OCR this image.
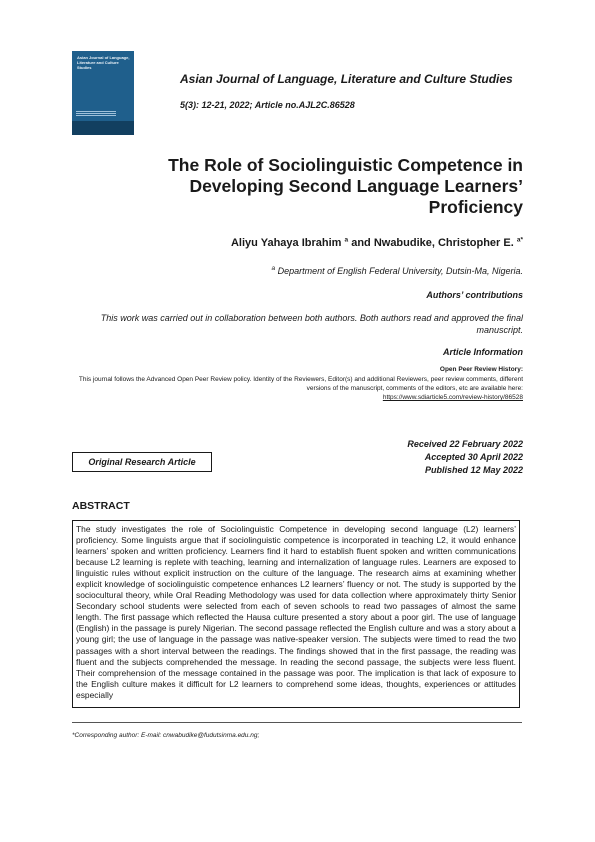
Asian Journal of Language, Literature and Culture Studies
Asian Journal of Language, Literature and Culture Studies
5(3): 12-21, 2022; Article no.AJL2C.86528
The Role of Sociolinguistic Competence in
Developing Second Language Learners’
Proficiency
Aliyu Yahaya Ibrahim $^a$ and Nwabudike, Christopher E. $^{a*}$
$^a$ Department of English Federal University, Dutsin-Ma, Nigeria.
Authors’ contributions
This work was carried out in collaboration between both authors. Both authors read and approved the final manuscript.
Article Information
Open Peer Review History:
This journal follows the Advanced Open Peer Review policy. Identity of the Reviewers, Editor(s) and additional Reviewers, peer review comments, different versions of the manuscript, comments of the editors, etc are available here:
https://www.sdiarticle5.com/review-history/86528
Received 22 February 2022
Accepted 30 April 2022
Published 12 May 2022
Original Research Article
ABSTRACT
The study investigates the role of Sociolinguistic Competence in developing second language (L2) learners’ proficiency. Some linguists argue that if sociolinguistic competence is incorporated in teaching L2, it would enhance learners’ spoken and written proficiency. Learners find it hard to establish fluent spoken and written communications because L2 learning is replete with teaching, learning and internalization of language rules. Learners are exposed to linguistic rules without explicit instruction on the culture of the language. The research aims at examining whether explicit knowledge of sociolinguistic competence enhances L2 learners’ fluency or not. The study is supported by the sociocultural theory, while Oral Reading Methodology was used for data collection where approximately thirty Senior Secondary school students were selected from each of seven schools to read two passages of almost the same length. The first passage which reflected the Hausa culture presented a story about a poor girl. The use of language (English) in the passage is purely Nigerian. The second passage reflected the English culture and was a story about a young girl; the use of language in the passage was native-speaker version. The subjects were timed to read the two passages with a short interval between the readings. The findings showed that in the first passage, the reading was fluent and the subjects comprehended the message. In reading the second passage, the subjects were less fluent. Their comprehension of the message contained in the passage was poor. The implication is that lack of exposure to the English culture makes it difficult for L2 learners to comprehend some ideas, thoughts, experiences or attitudes especially
*Corresponding author: E-mail: cnwabudike@fudutsinma.edu.ng;
